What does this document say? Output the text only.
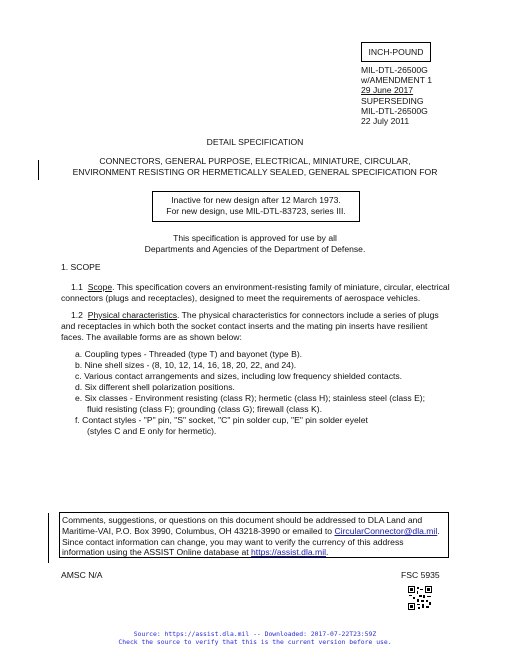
INCH-POUND
MIL-DTL-26500G
w/AMENDMENT 1
29 June 2017
SUPERSEDING
MIL-DTL-26500G
22 July 2011
DETAIL SPECIFICATION
CONNECTORS, GENERAL PURPOSE, ELECTRICAL, MINIATURE, CIRCULAR,
ENVIRONMENT RESISTING OR HERMETICALLY SEALED, GENERAL SPECIFICATION FOR
Inactive for new design after 12 March 1973.
For new design, use MIL-DTL-83723, series III.
This specification is approved for use by all
Departments and Agencies of the Department of Defense.
1. SCOPE
1.1 Scope. This specification covers an environment-resisting family of miniature, circular, electrical connectors (plugs and receptacles), designed to meet the requirements of aerospace vehicles.
1.2 Physical characteristics. The physical characteristics for connectors include a series of plugs and receptacles in which both the socket contact inserts and the mating pin inserts have resilient faces. The available forms are as shown below:
a. Coupling types - Threaded (type T) and bayonet (type B).
b. Nine shell sizes - (8, 10, 12, 14, 16, 18, 20, 22, and 24).
c. Various contact arrangements and sizes, including low frequency shielded contacts.
d. Six different shell polarization positions.
e. Six classes - Environment resisting (class R); hermetic (class H); stainless steel (class E);
fluid resisting (class F); grounding (class G); firewall (class K).
f. Contact styles - "P" pin, "S" socket, "C" pin solder cup, "E" pin solder eyelet
(styles C and E only for hermetic).
Comments, suggestions, or questions on this document should be addressed to DLA Land and Maritime-VAI, P.O. Box 3990, Columbus, OH 43218-3990 or emailed to CircularConnector@dla.mil. Since contact information can change, you may want to verify the currency of this address information using the ASSIST Online database at https://assist.dla.mil.
AMSC N/A	FSC 5935
Source: https://assist.dla.mil -- Downloaded: 2017-07-22T23:59Z
Check the source to verify that this is the current version before use.
